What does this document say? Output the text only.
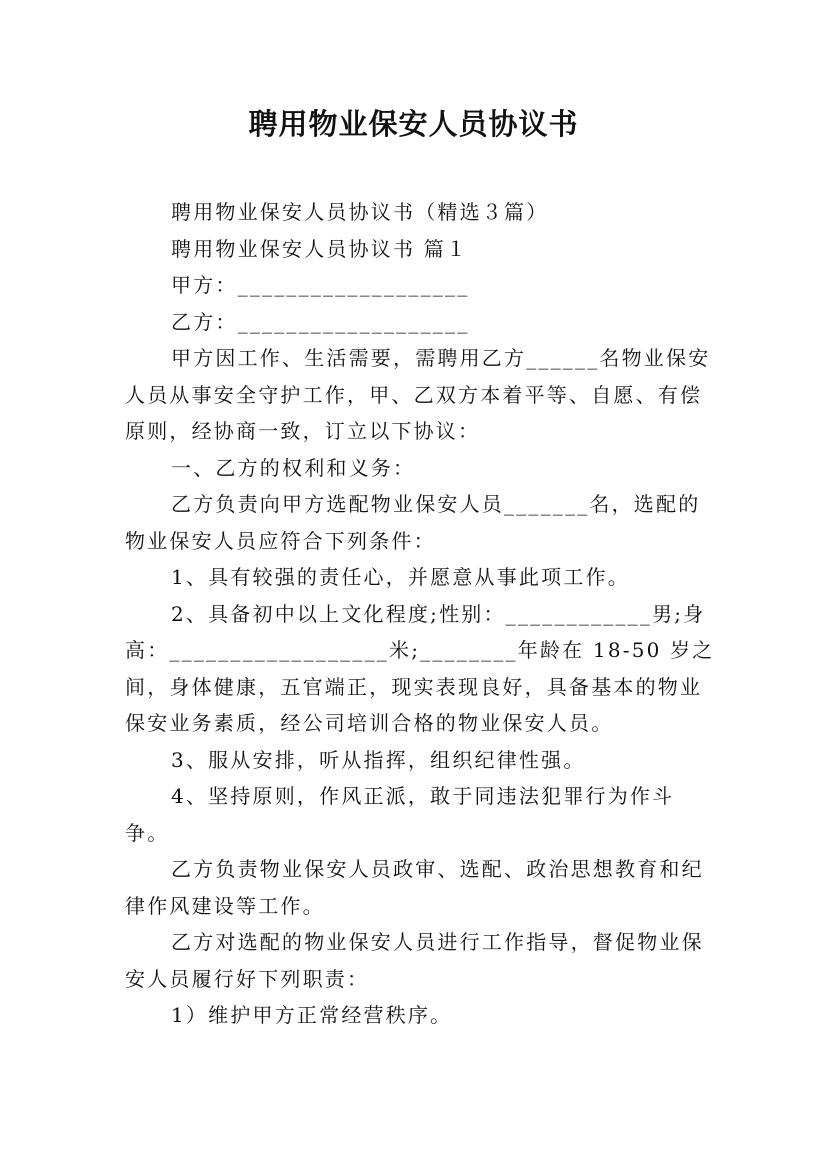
聘用物业保安人员协议书

聘用物业保安人员协议书（精选３篇）

聘用物业保安人员协议书 篇１

甲方：___________________

乙方：___________________

甲方因工作、生活需要，需聘用乙方______名物业保安人员从事安全守护工作，甲、乙双方本着平等、自愿、有偿原则，经协商一致，订立以下协议：

一、乙方的权利和义务：

乙方负责向甲方选配物业保安人员_______名，选配的物业保安人员应符合下列条件：

1、具有较强的责任心，并愿意从事此项工作。

2、具备初中以上文化程度;性别：____________男;身高：__________________米;________年龄在 18-50 岁之间，身体健康，五官端正，现实表现良好，具备基本的物业保安业务素质，经公司培训合格的物业保安人员。

3、服从安排，听从指挥，组织纪律性强。

4、坚持原则，作风正派，敢于同违法犯罪行为作斗争。

乙方负责物业保安人员政审、选配、政治思想教育和纪律作风建设等工作。

乙方对选配的物业保安人员进行工作指导，督促物业保安人员履行好下列职责：

1）维护甲方正常经营秩序。
